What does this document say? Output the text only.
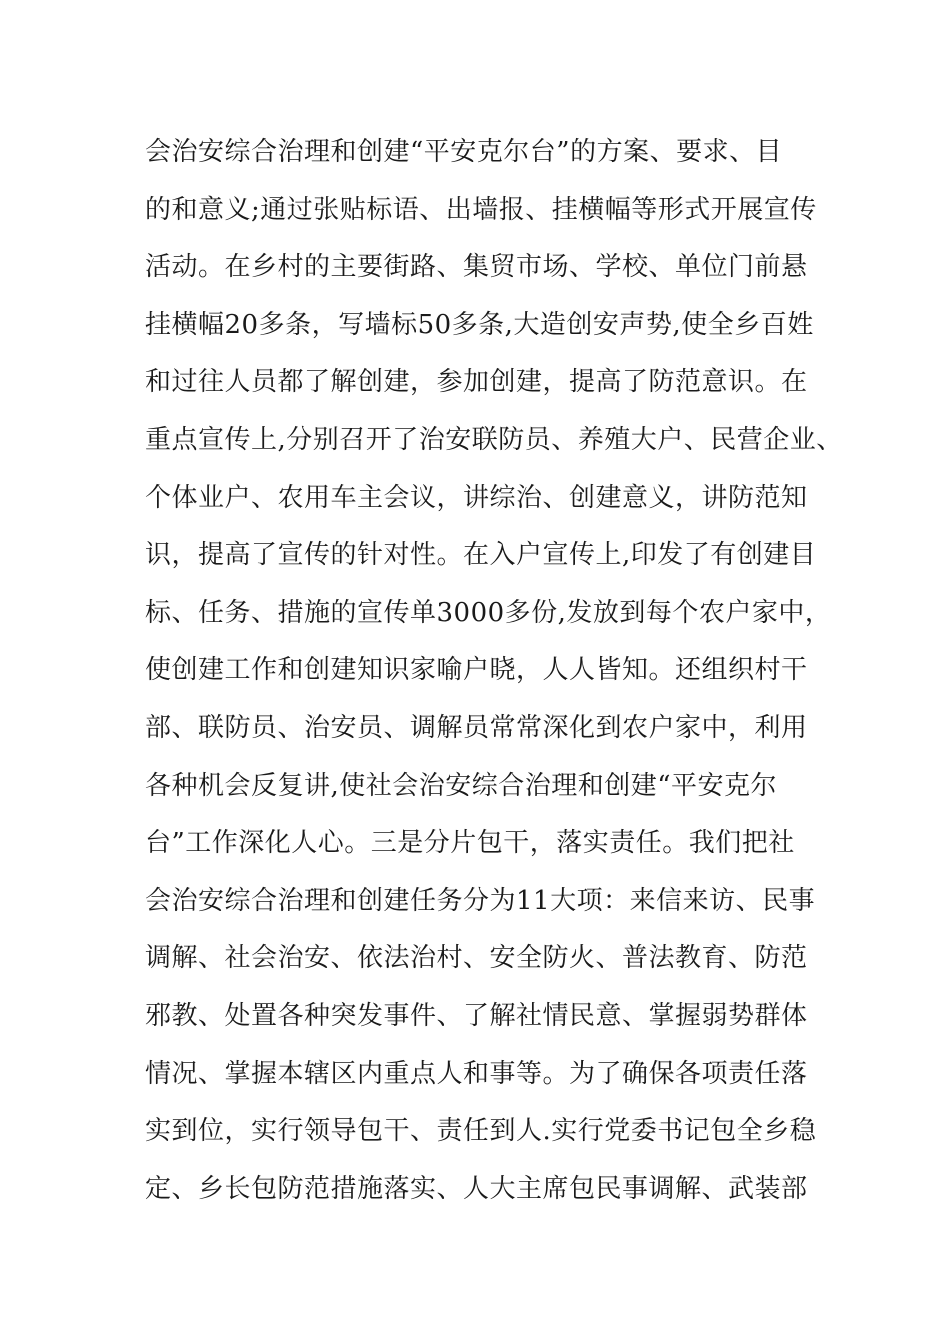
会治安综合治理和创建“平安克尔台”的方案、要求、目
的和意义;通过张贴标语、出墙报、挂横幅等形式开展宣传
活动。在乡村的主要街路、集贸市场、学校、单位门前悬
挂横幅20多条，写墙标50多条,大造创安声势,使全乡百姓
和过往人员都了解创建，参加创建，提高了防范意识。在
重点宣传上,分别召开了治安联防员、养殖大户、民营企业、
个体业户、农用车主会议，讲综治、创建意义，讲防范知
识，提高了宣传的针对性。在入户宣传上,印发了有创建目
标、任务、措施的宣传单3000多份,发放到每个农户家中，
使创建工作和创建知识家喻户晓，人人皆知。还组织村干
部、联防员、治安员、调解员常常深化到农户家中，利用
各种机会反复讲,使社会治安综合治理和创建“平安克尔
台”工作深化人心。三是分片包干，落实责任。我们把社
会治安综合治理和创建任务分为11大项：来信来访、民事
调解、社会治安、依法治村、安全防火、普法教育、防范
邪教、处置各种突发事件、了解社情民意、掌握弱势群体
情况、掌握本辖区内重点人和事等。为了确保各项责任落
实到位，实行领导包干、责任到人.实行党委书记包全乡稳
定、乡长包防范措施落实、人大主席包民事调解、武装部
